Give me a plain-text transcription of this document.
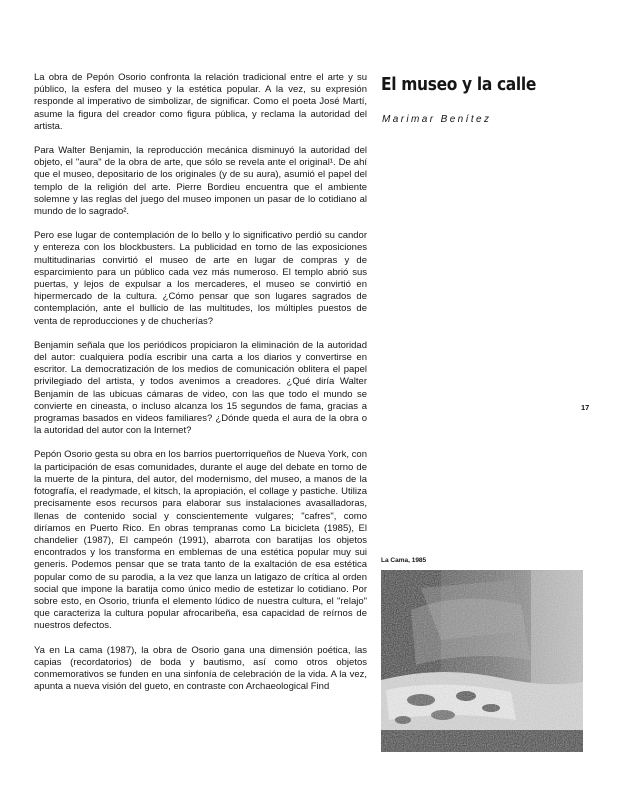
La obra de Pepón Osorio confronta la relación tradicional entre el arte y su público, la esfera del museo y la estética popular. A la vez, su expresión responde al imperativo de simbolizar, de significar. Como el poeta José Martí, asume la figura del creador como figura pública, y reclama la autoridad del artista.

Para Walter Benjamin, la reproducción mecánica disminuyó la autoridad del objeto, el "aura" de la obra de arte, que sólo se revela ante el original¹. De ahí que el museo, depositario de los originales (y de su aura), asumió el papel del templo de la religión del arte. Pierre Bordieu encuentra que el ambiente solemne y las reglas del juego del museo imponen un pasar de lo cotidiano al mundo de lo sagrado².

Pero ese lugar de contemplación de lo bello y lo significativo perdió su candor y entereza con los blockbusters. La publicidad en torno de las exposiciones multitudinarias convirtió el museo de arte en lugar de compras y de esparcimiento para un público cada vez más numeroso. El templo abrió sus puertas, y lejos de expulsar a los mercaderes, el museo se convirtió en hipermercado de la cultura. ¿Cómo pensar que son lugares sagrados de contemplación, ante el bullicio de las multitudes, los múltiples puestos de venta de reproducciones y de chucherías?

Benjamin señala que los periódicos propiciaron la eliminación de la autoridad del autor: cualquiera podía escribir una carta a los diarios y convertirse en escritor. La democratización de los medios de comunicación oblitera el papel privilegiado del artista, y todos avenimos a creadores. ¿Qué diría Walter Benjamin de las ubicuas cámaras de video, con las que todo el mundo se convierte en cineasta, o incluso alcanza los 15 segundos de fama, gracias a programas basados en videos familiares? ¿Dónde queda el aura de la obra o la autoridad del autor con la Internet?

Pepón Osorio gesta su obra en los barrios puertorriqueños de Nueva York, con la participación de esas comunidades, durante el auge del debate en torno de la muerte de la pintura, del autor, del modernismo, del museo, a manos de la fotografía, el readymade, el kitsch, la apropiación, el collage y pastiche. Utiliza precisamente esos recursos para elaborar sus instalaciones avasalladoras, llenas de contenido social y conscientemente vulgares; "cafres", como diríamos en Puerto Rico. En obras tempranas como La bicicleta (1985), El chandelier (1987), El campeón (1991), abarrota con baratijas los objetos encontrados y los transforma en emblemas de una estética popular muy sui generis. Podemos pensar que se trata tanto de la exaltación de esa estética popular como de su parodia, a la vez que lanza un latigazo de crítica al orden social que impone la baratija como único medio de estetizar lo cotidiano. Por sobre esto, en Osorio, triunfa el elemento lúdico de nuestra cultura, el "relajo" que caracteriza la cultura popular afrocaribeña, esa capacidad de reírnos de nuestros defectos.

Ya en La cama (1987), la obra de Osorio gana una dimensión poética, las capias (recordatorios) de boda y bautismo, así como otros objetos conmemorativos se funden en una sinfonía de celebración de la vida. A la vez, apunta a nueva visión del gueto, en contraste con Archaeological Find

El museo y la calle

Marimar Benítez

17

La Cama, 1985
